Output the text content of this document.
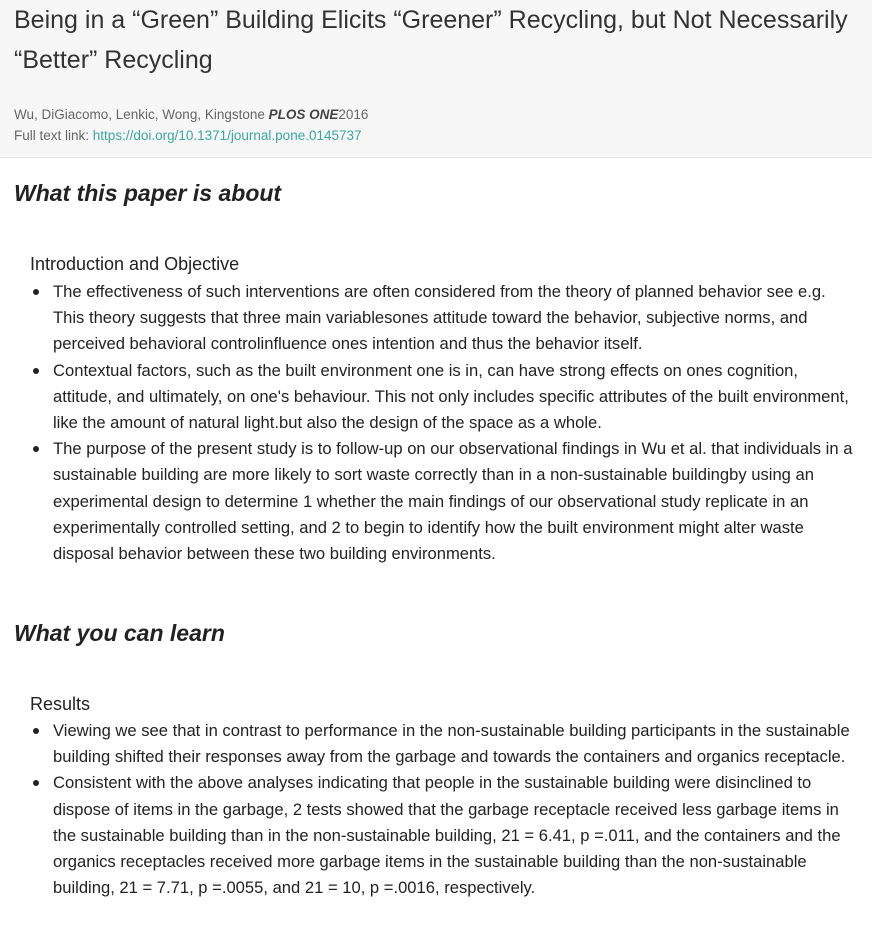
Being in a “Green” Building Elicits “Greener” Recycling, but Not Necessarily “Better” Recycling
Wu, DiGiacomo, Lenkic, Wong, Kingstone PLOS ONE2016
Full text link: https://doi.org/10.1371/journal.pone.0145737
What this paper is about
Introduction and Objective
The effectiveness of such interventions are often considered from the theory of planned behavior see e.g. This theory suggests that three main variablesones attitude toward the behavior, subjective norms, and perceived behavioral controlinfluence ones intention and thus the behavior itself.
Contextual factors, such as the built environment one is in, can have strong effects on ones cognition, attitude, and ultimately, on one's behaviour. This not only includes specific attributes of the built environment, like the amount of natural light.but also the design of the space as a whole.
The purpose of the present study is to follow-up on our observational findings in Wu et al. that individuals in a sustainable building are more likely to sort waste correctly than in a non-sustainable buildingby using an experimental design to determine 1 whether the main findings of our observational study replicate in an experimentally controlled setting, and 2 to begin to identify how the built environment might alter waste disposal behavior between these two building environments.
What you can learn
Results
Viewing we see that in contrast to performance in the non-sustainable building participants in the sustainable building shifted their responses away from the garbage and towards the containers and organics receptacle.
Consistent with the above analyses indicating that people in the sustainable building were disinclined to dispose of items in the garbage, 2 tests showed that the garbage receptacle received less garbage items in the sustainable building than in the non-sustainable building, 21 = 6.41, p =.011, and the containers and the organics receptacles received more garbage items in the sustainable building than the non-sustainable building, 21 = 7.71, p =.0055, and 21 = 10, p =.0016, respectively.
